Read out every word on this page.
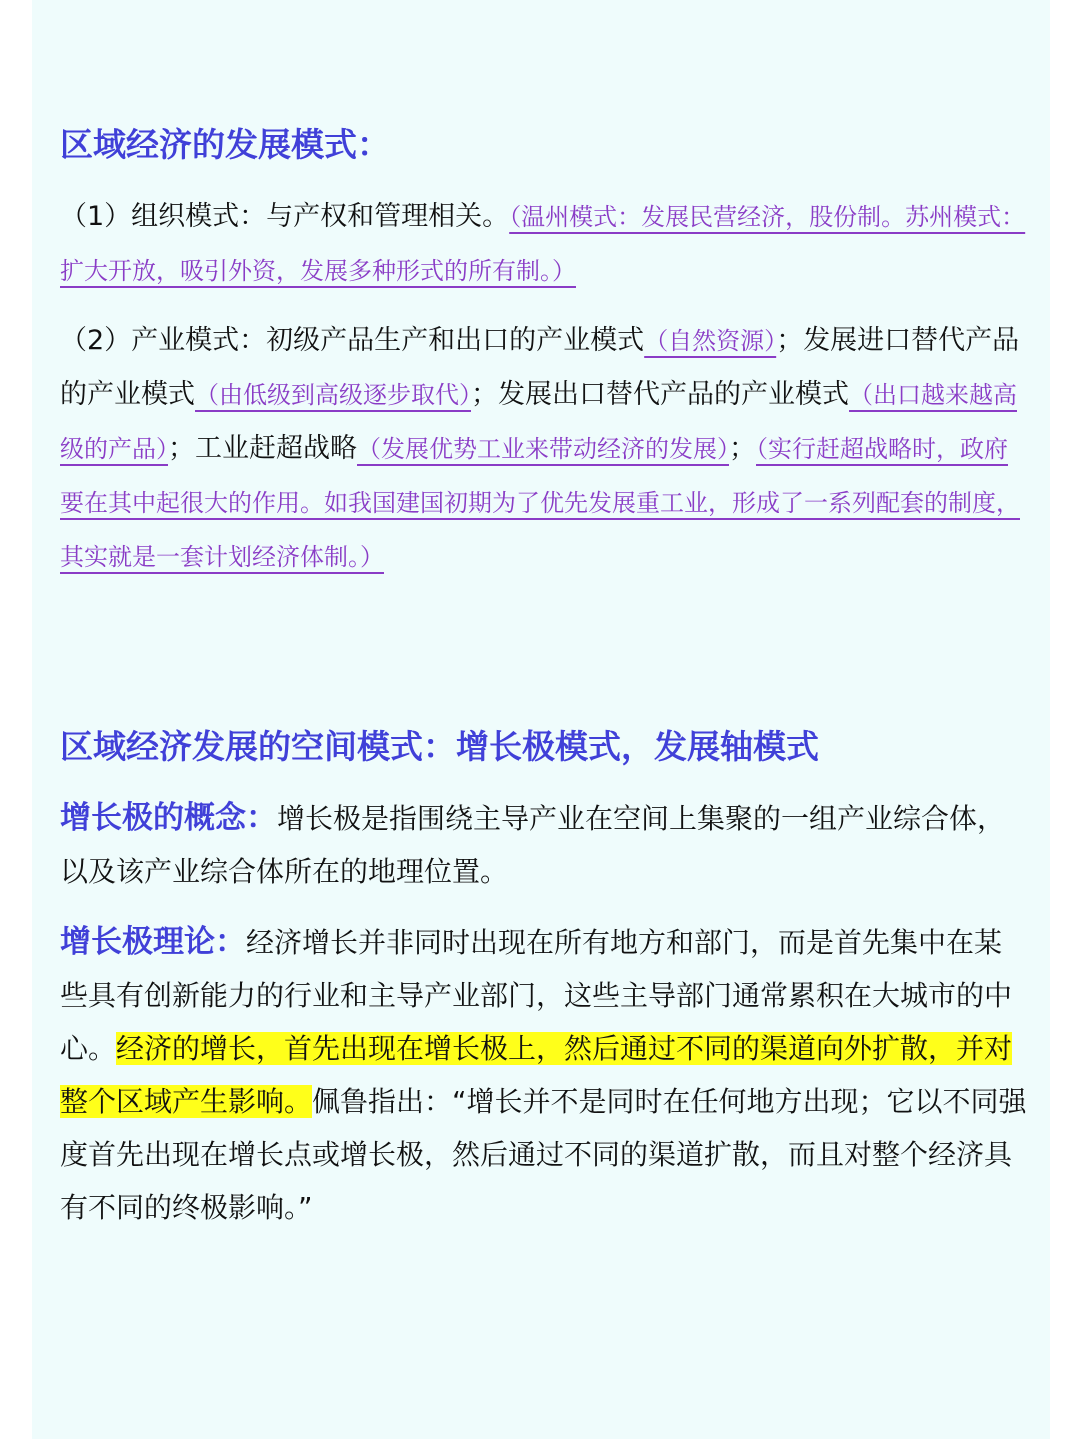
区域经济的发展模式：

（1）组织模式：与产权和管理相关。（温州模式：发展民营经济，股份制。苏州模式：扩大开放，吸引外资，发展多种形式的所有制。）

（2）产业模式：初级产品生产和出口的产业模式（自然资源）；发展进口替代产品的产业模式（由低级到高级逐步取代）；发展出口替代产品的产业模式（出口越来越高级的产品）；工业赶超战略（发展优势工业来带动经济的发展）；（实行赶超战略时，政府要在其中起很大的作用。如我国建国初期为了优先发展重工业，形成了一系列配套的制度，其实就是一套计划经济体制。）

区域经济发展的空间模式：增长极模式，发展轴模式

增长极的概念：增长极是指围绕主导产业在空间上集聚的一组产业综合体，以及该产业综合体所在的地理位置。

增长极理论：经济增长并非同时出现在所有地方和部门，而是首先集中在某些具有创新能力的行业和主导产业部门，这些主导部门通常累积在大城市的中心。经济的增长，首先出现在增长极上，然后通过不同的渠道向外扩散，并对整个区域产生影响。佩鲁指出：“增长并不是同时在任何地方出现；它以不同强度首先出现在增长点或增长极，然后通过不同的渠道扩散，而且对整个经济具有不同的终极影响。”
